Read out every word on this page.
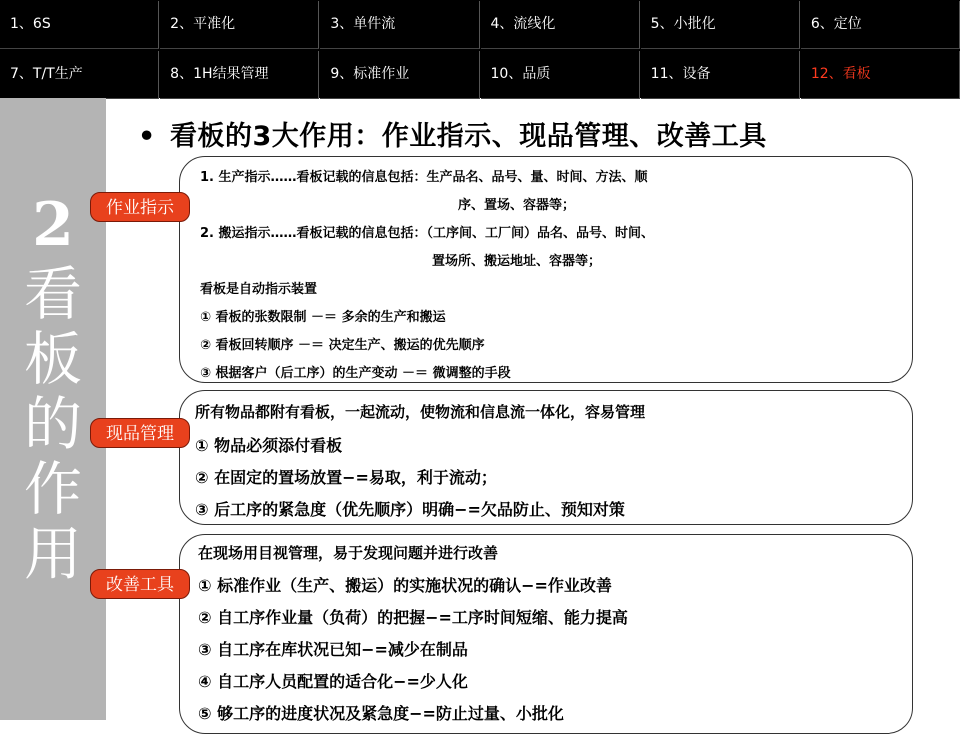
1、6S	2、平准化	3、单件流	4、流线化	5、小批化	6、定位
7、T/T生产	8、1H结果管理	9、标准作业	10、品质	11、设备	12、看板
2
看
板
的
作
用
• 看板的3大作用：作业指示、现品管理、改善工具
1. 生产指示……看板记载的信息包括：生产品名、品号、量、时间、方法、顺
序、置场、容器等；
2. 搬运指示……看板记载的信息包括：（工序间、工厂间）品名、品号、时间、
置场所、搬运地址、容器等；
看板是自动指示装置
① 看板的张数限制 －＝ 多余的生产和搬运
② 看板回转顺序 －＝ 决定生产、搬运的优先顺序
③ 根据客户（后工序）的生产变动 －＝ 微调整的手段
所有物品都附有看板，一起流动，使物流和信息流一体化，容易管理
① 物品必须添付看板
② 在固定的置场放置−=易取，利于流动；
③ 后工序的紧急度（优先顺序）明确−=欠品防止、预知对策
在现场用目视管理，易于发现问题并进行改善
① 标准作业（生产、搬运）的实施状况的确认−=作业改善
② 自工序作业量（负荷）的把握−=工序时间短缩、能力提高
③ 自工序在库状况已知−=减少在制品
④ 自工序人员配置的适合化−=少人化
⑤ 够工序的进度状况及紧急度−=防止过量、小批化
作业指示
现品管理
改善工具
